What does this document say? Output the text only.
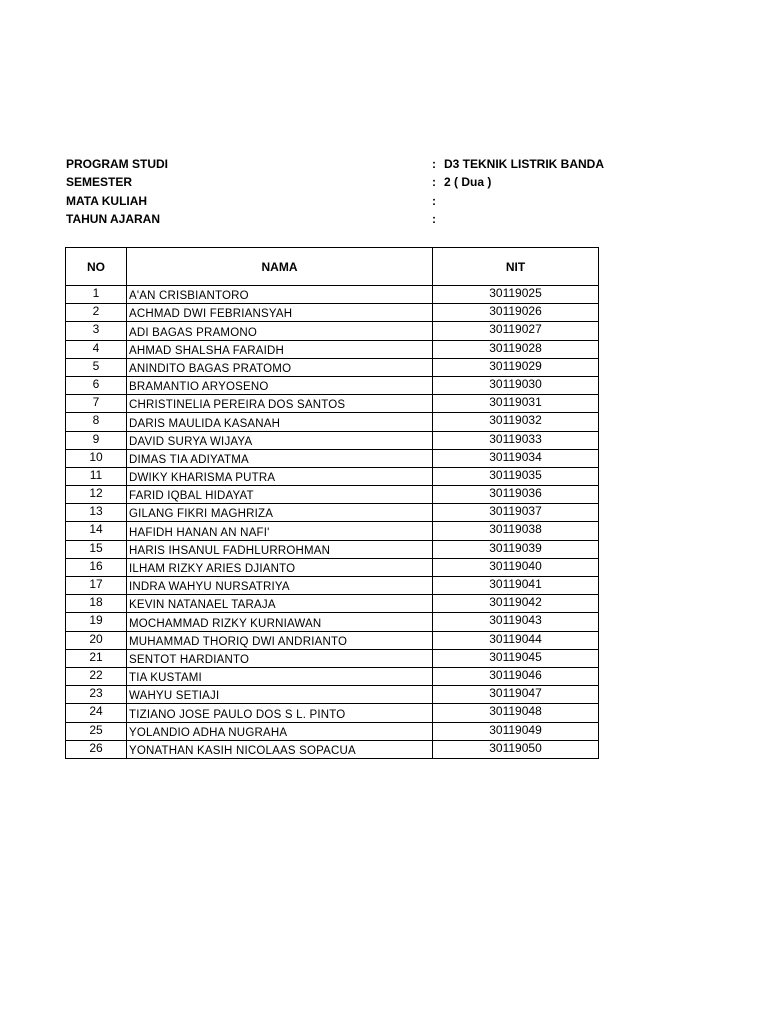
PROGRAM STUDI	: D3 TEKNIK LISTRIK BANDA
SEMESTER	: 2 ( Dua )
MATA KULIAH	:
TAHUN AJARAN	:
NO	NAMA	NIT
1	A'AN CRISBIANTORO	30119025
2	ACHMAD DWI FEBRIANSYAH	30119026
3	ADI BAGAS PRAMONO	30119027
4	AHMAD SHALSHA FARAIDH	30119028
5	ANINDITO BAGAS PRATOMO	30119029
6	BRAMANTIO ARYOSENO	30119030
7	CHRISTINELIA PEREIRA DOS SANTOS	30119031
8	DARIS MAULIDA KASANAH	30119032
9	DAVID SURYA WIJAYA	30119033
10	DIMAS TIA ADIYATMA	30119034
11	DWIKY KHARISMA PUTRA	30119035
12	FARID IQBAL HIDAYAT	30119036
13	GILANG FIKRI MAGHRIZA	30119037
14	HAFIDH HANAN AN NAFI'	30119038
15	HARIS IHSANUL FADHLURROHMAN	30119039
16	ILHAM RIZKY ARIES DJIANTO	30119040
17	INDRA WAHYU NURSATRIYA	30119041
18	KEVIN NATANAEL TARAJA	30119042
19	MOCHAMMAD RIZKY KURNIAWAN	30119043
20	MUHAMMAD THORIQ DWI ANDRIANTO	30119044
21	SENTOT HARDIANTO	30119045
22	TIA KUSTAMI	30119046
23	WAHYU SETIAJI	30119047
24	TIZIANO JOSE PAULO DOS S L. PINTO	30119048
25	YOLANDIO ADHA NUGRAHA	30119049
26	YONATHAN KASIH NICOLAAS SOPACUA	30119050
